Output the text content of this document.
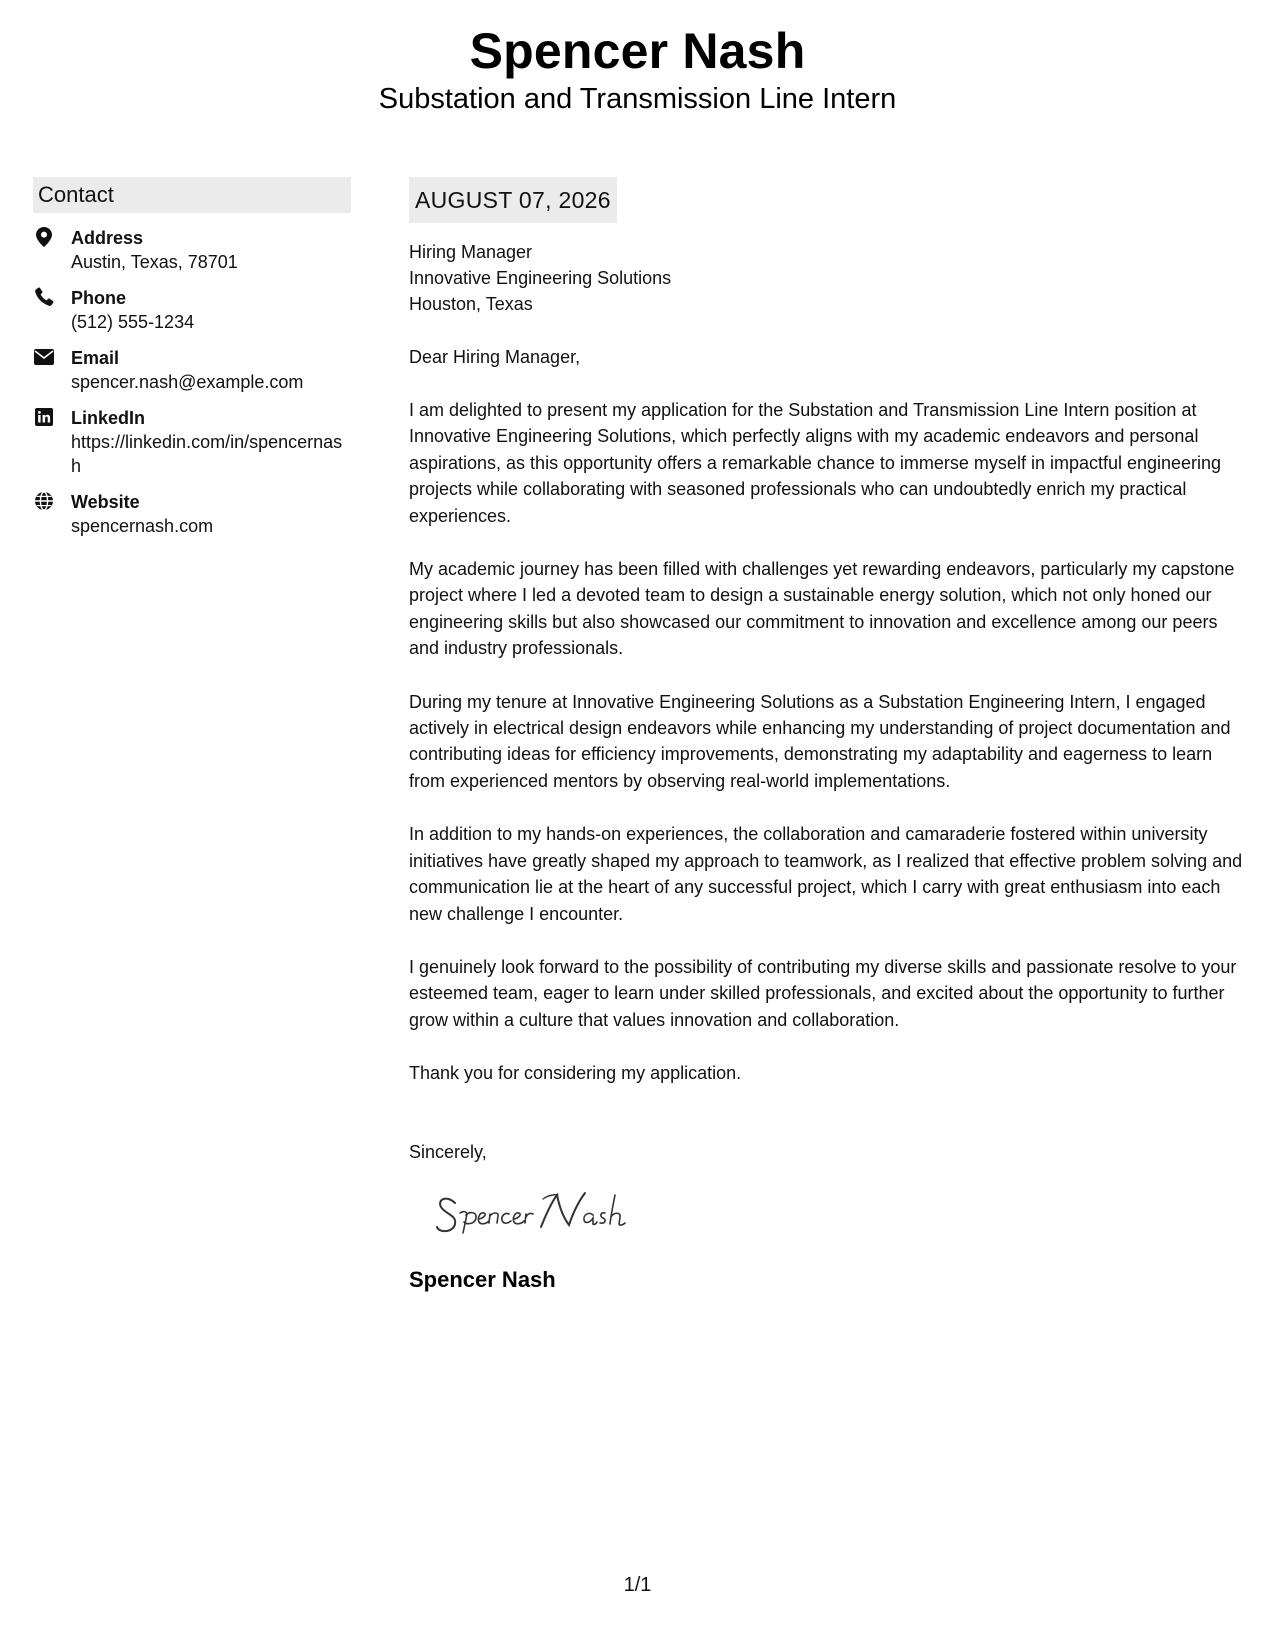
Spencer Nash
Substation and Transmission Line Intern
Contact
Address
Austin, Texas, 78701
Phone
(512) 555-1234
Email
spencer.nash@example.com
LinkedIn
https://linkedin.com/in/spencernash
Website
spencernash.com
AUGUST 07, 2026
Hiring Manager
Innovative Engineering Solutions
Houston, Texas
Dear Hiring Manager,
I am delighted to present my application for the Substation and Transmission Line Intern position at Innovative Engineering Solutions, which perfectly aligns with my academic endeavors and personal aspirations, as this opportunity offers a remarkable chance to immerse myself in impactful engineering projects while collaborating with seasoned professionals who can undoubtedly enrich my practical experiences.
My academic journey has been filled with challenges yet rewarding endeavors, particularly my capstone project where I led a devoted team to design a sustainable energy solution, which not only honed our engineering skills but also showcased our commitment to innovation and excellence among our peers and industry professionals.
During my tenure at Innovative Engineering Solutions as a Substation Engineering Intern, I engaged actively in electrical design endeavors while enhancing my understanding of project documentation and contributing ideas for efficiency improvements, demonstrating my adaptability and eagerness to learn from experienced mentors by observing real-world implementations.
In addition to my hands-on experiences, the collaboration and camaraderie fostered within university initiatives have greatly shaped my approach to teamwork, as I realized that effective problem solving and communication lie at the heart of any successful project, which I carry with great enthusiasm into each new challenge I encounter.
I genuinely look forward to the possibility of contributing my diverse skills and passionate resolve to your esteemed team, eager to learn under skilled professionals, and excited about the opportunity to further grow within a culture that values innovation and collaboration.
Thank you for considering my application.
Sincerely,
Spencer Nash
1/1
